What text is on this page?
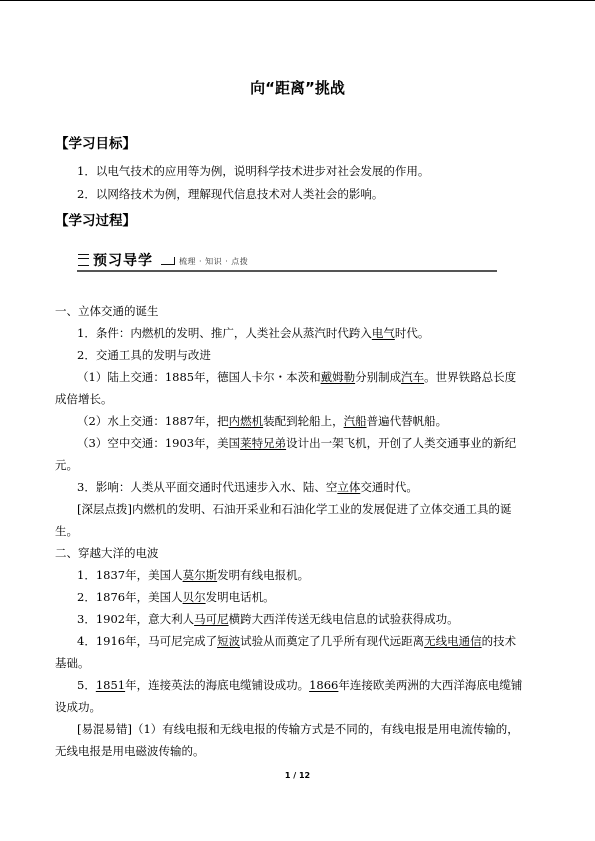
向“距离”挑战
【学习目标】
1．以电气技术的应用等为例，说明科学技术进步对社会发展的作用。
2．以网络技术为例，理解现代信息技术对人类社会的影响。
【学习过程】
预习导学	梳理 · 知识 · 点拨
一、立体交通的诞生
1．条件：内燃机的发明、推广，人类社会从蒸汽时代跨入电气时代。
2．交通工具的发明与改进
（1）陆上交通：1885年，德国人卡尔・本茨和戴姆勒分别制成汽车。世界铁路总长度
成倍增长。
（2）水上交通：1887年，把内燃机装配到轮船上，汽船普遍代替帆船。
（3）空中交通：1903年，美国莱特兄弟设计出一架飞机，开创了人类交通事业的新纪
元。
3．影响：人类从平面交通时代迅速步入水、陆、空立体交通时代。
[深层点拨]内燃机的发明、石油开采业和石油化学工业的发展促进了立体交通工具的诞
生。
二、穿越大洋的电波
1．1837年，美国人莫尔斯发明有线电报机。
2．1876年，美国人贝尔发明电话机。
3．1902年，意大利人马可尼横跨大西洋传送无线电信息的试验获得成功。
4．1916年，马可尼完成了短波试验从而奠定了几乎所有现代远距离无线电通信的技术
基础。
5．1851年，连接英法的海底电缆铺设成功。1866年连接欧美两洲的大西洋海底电缆铺
设成功。
[易混易错]（1）有线电报和无线电报的传输方式是不同的，有线电报是用电流传输的，
无线电报是用电磁波传输的。
1 / 12
